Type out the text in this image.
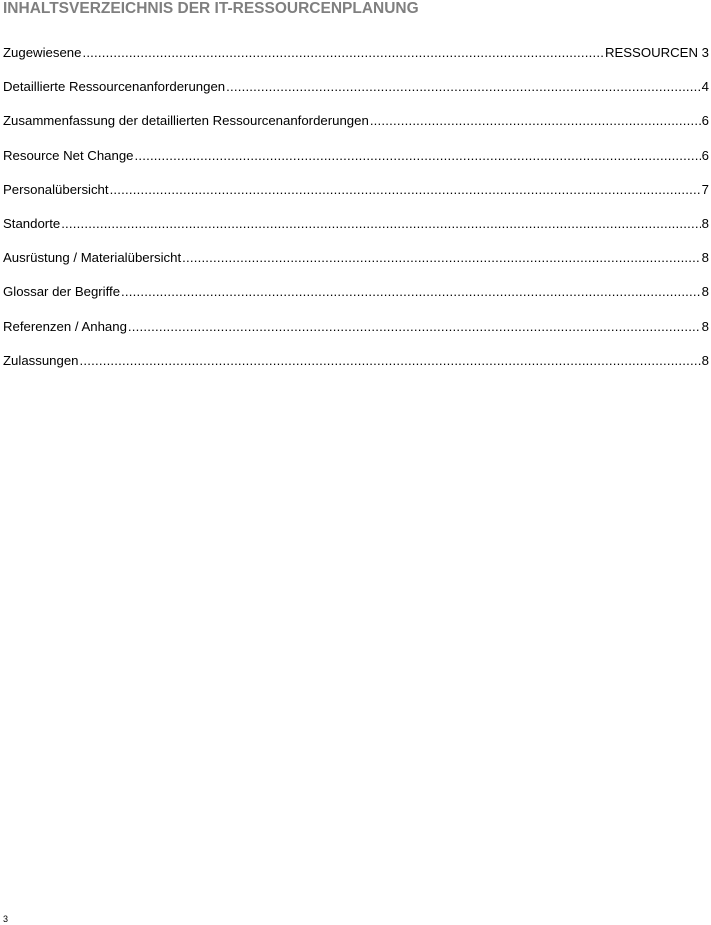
INHALTSVERZEICHNIS DER IT-RESSOURCENPLANUNG
Zugewiesene .....	RESSOURCEN 3
Detaillierte Ressourcenanforderungen .....	4
Zusammenfassung der detaillierten Ressourcenanforderungen .....	6
Resource Net Change .....	6
Personalübersicht .....	7
Standorte .....	8
Ausrüstung / Materialübersicht .....	8
Glossar der Begriffe .....	8
Referenzen / Anhang .....	8
Zulassungen .....	8
3
